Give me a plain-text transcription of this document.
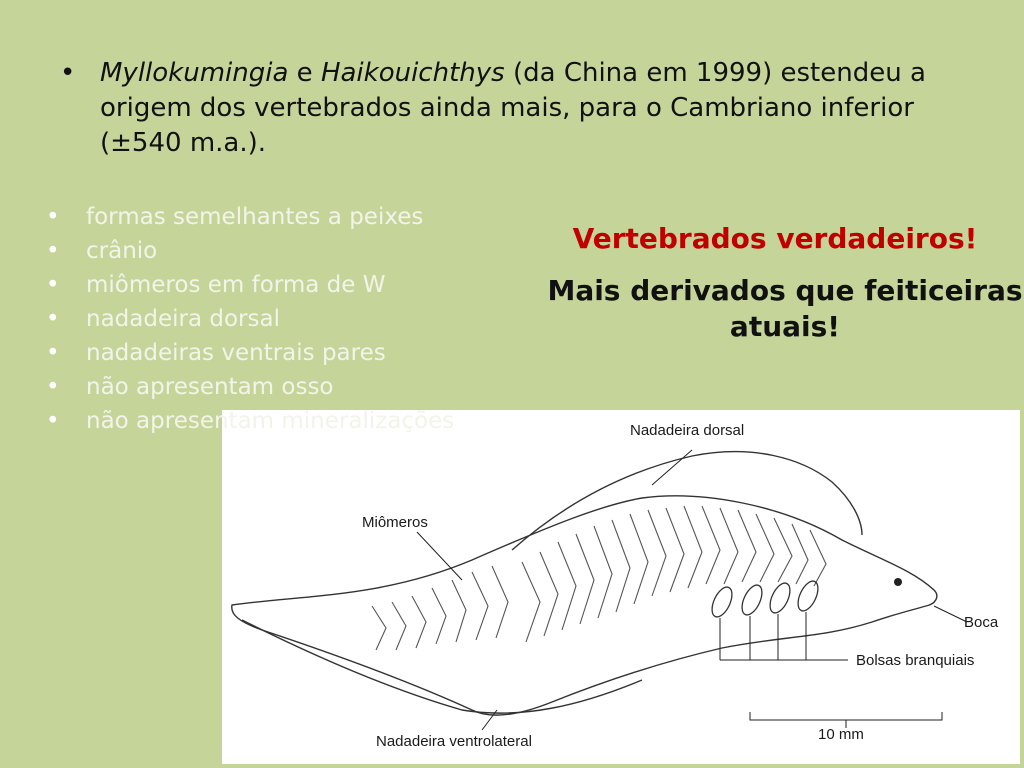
• Myllokumingia e Haikouichthys (da China em 1999) estendeu a origem dos vertebrados ainda mais, para o Cambriano inferior (±540 m.a.).
• formas semelhantes a peixes
• crânio
• miômeros em forma de W
• nadadeira dorsal
• nadadeiras ventrais pares
• não apresentam osso
• não apresentam mineralizações
Vertebrados verdadeiros!
Mais derivados que feiticeiras atuais!
Nadadeira dorsal
Miômeros
Boca
Bolsas branquiais
Nadadeira ventrolateral	10 mm
